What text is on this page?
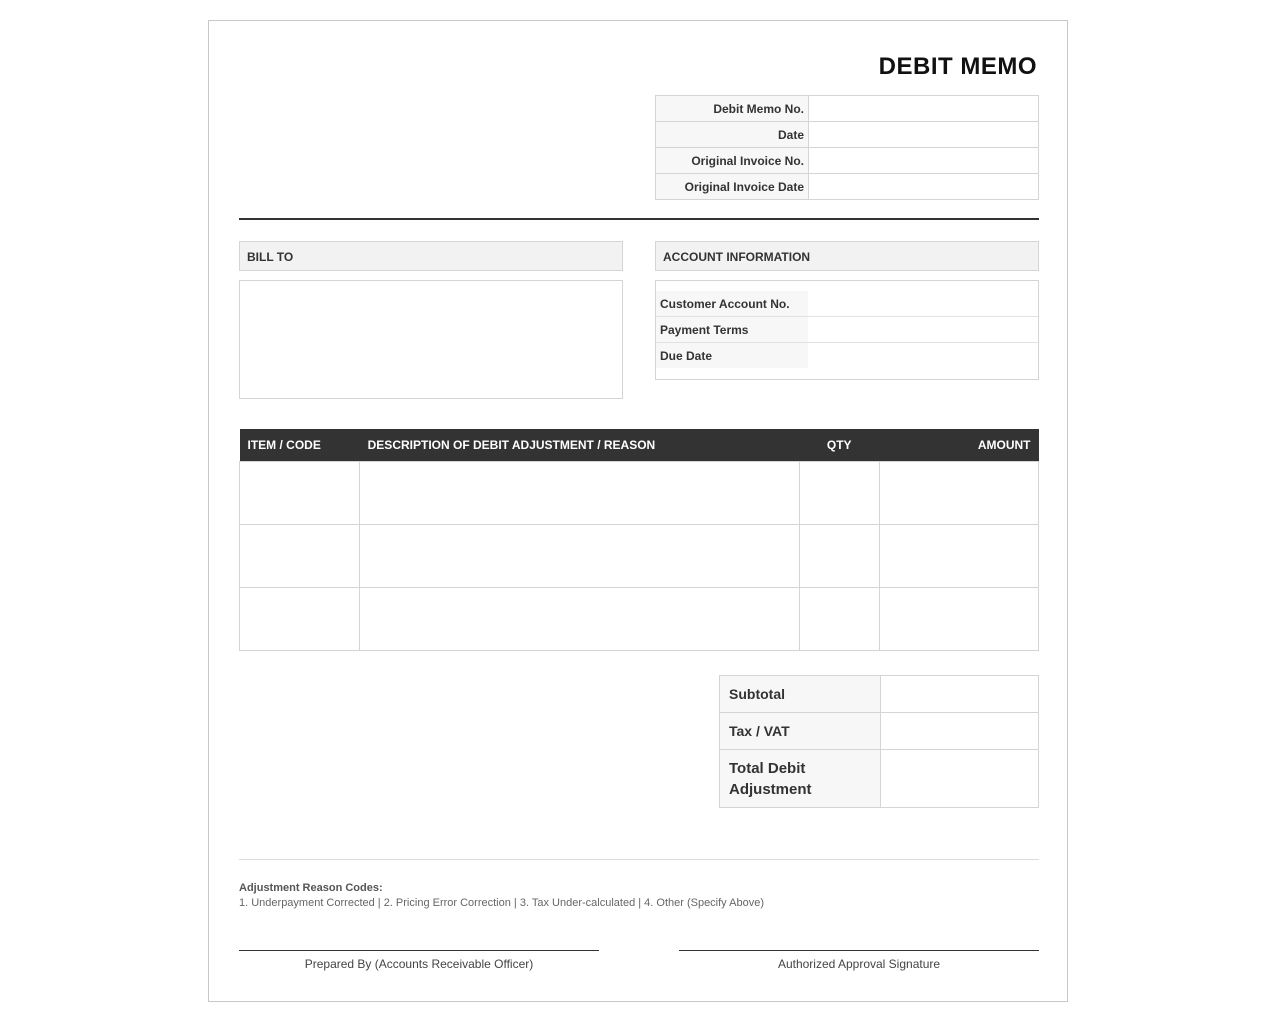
DEBIT MEMO
Debit Memo No.	
Date	
Original Invoice No.	
Original Invoice Date	
BILL TO	ACCOUNT INFORMATION
Customer Account No.	
Payment Terms	
Due Date	
ITEM / CODE	DESCRIPTION OF DEBIT ADJUSTMENT / REASON	QTY	AMOUNT

Subtotal	
Tax / VAT	
Total Debit Adjustment	
Adjustment Reason Codes:
1. Underpayment Corrected | 2. Pricing Error Correction | 3. Tax Under-calculated | 4. Other (Specify Above)
Prepared By (Accounts Receivable Officer)	Authorized Approval Signature
